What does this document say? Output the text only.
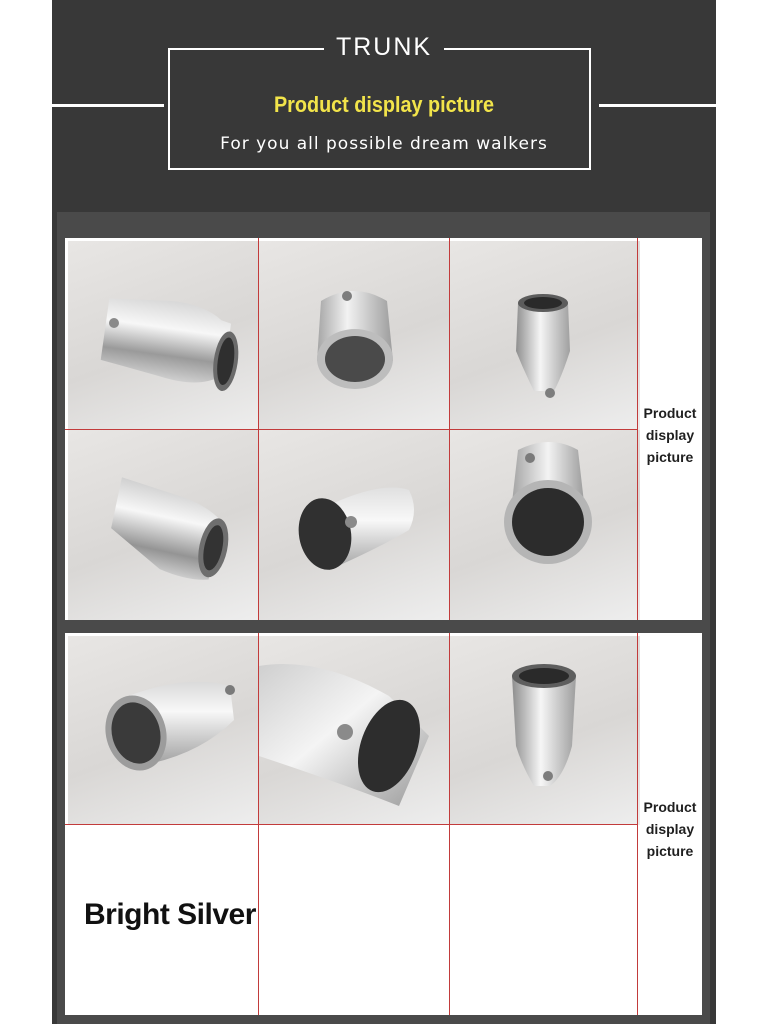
TRUNK
Product display picture
For you all possible dream walkers
Product
display
picture
Product
display
picture
Bright Silver
